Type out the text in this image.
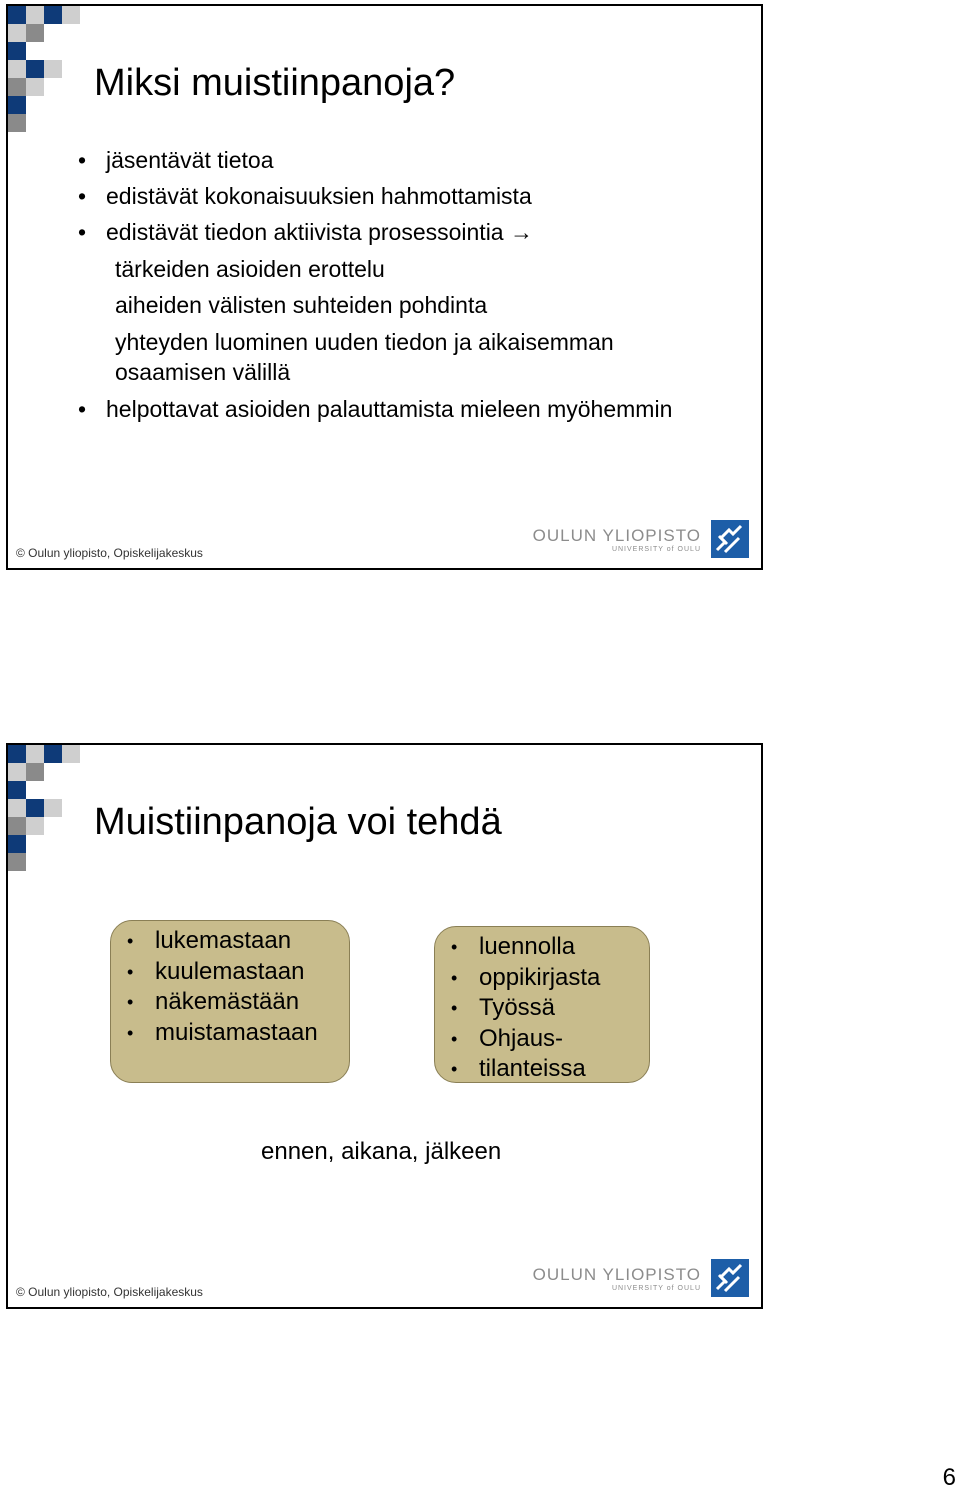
Miksi muistiinpanoja?
• jäsentävät tietoa
• edistävät kokonaisuuksien hahmottamista
• edistävät tiedon aktiivista prosessointia →
tärkeiden asioiden erottelu
aiheiden välisten suhteiden pohdinta
yhteyden luominen uuden tiedon ja aikaisemman
osaamisen välillä
• helpottavat asioiden palauttamista mieleen myöhemmin
© Oulun yliopisto, Opiskelijakeskus
OULUN YLIOPISTO
UNIVERSITY of OULU
Muistiinpanoja voi tehdä
• lukemastaan
• kuulemastaan
• näkemästään
• muistamastaan
• luennolla
• oppikirjasta
• Työssä
• Ohjaus-
• tilanteissa
ennen, aikana, jälkeen
© Oulun yliopisto, Opiskelijakeskus
OULUN YLIOPISTO
UNIVERSITY of OULU
6
